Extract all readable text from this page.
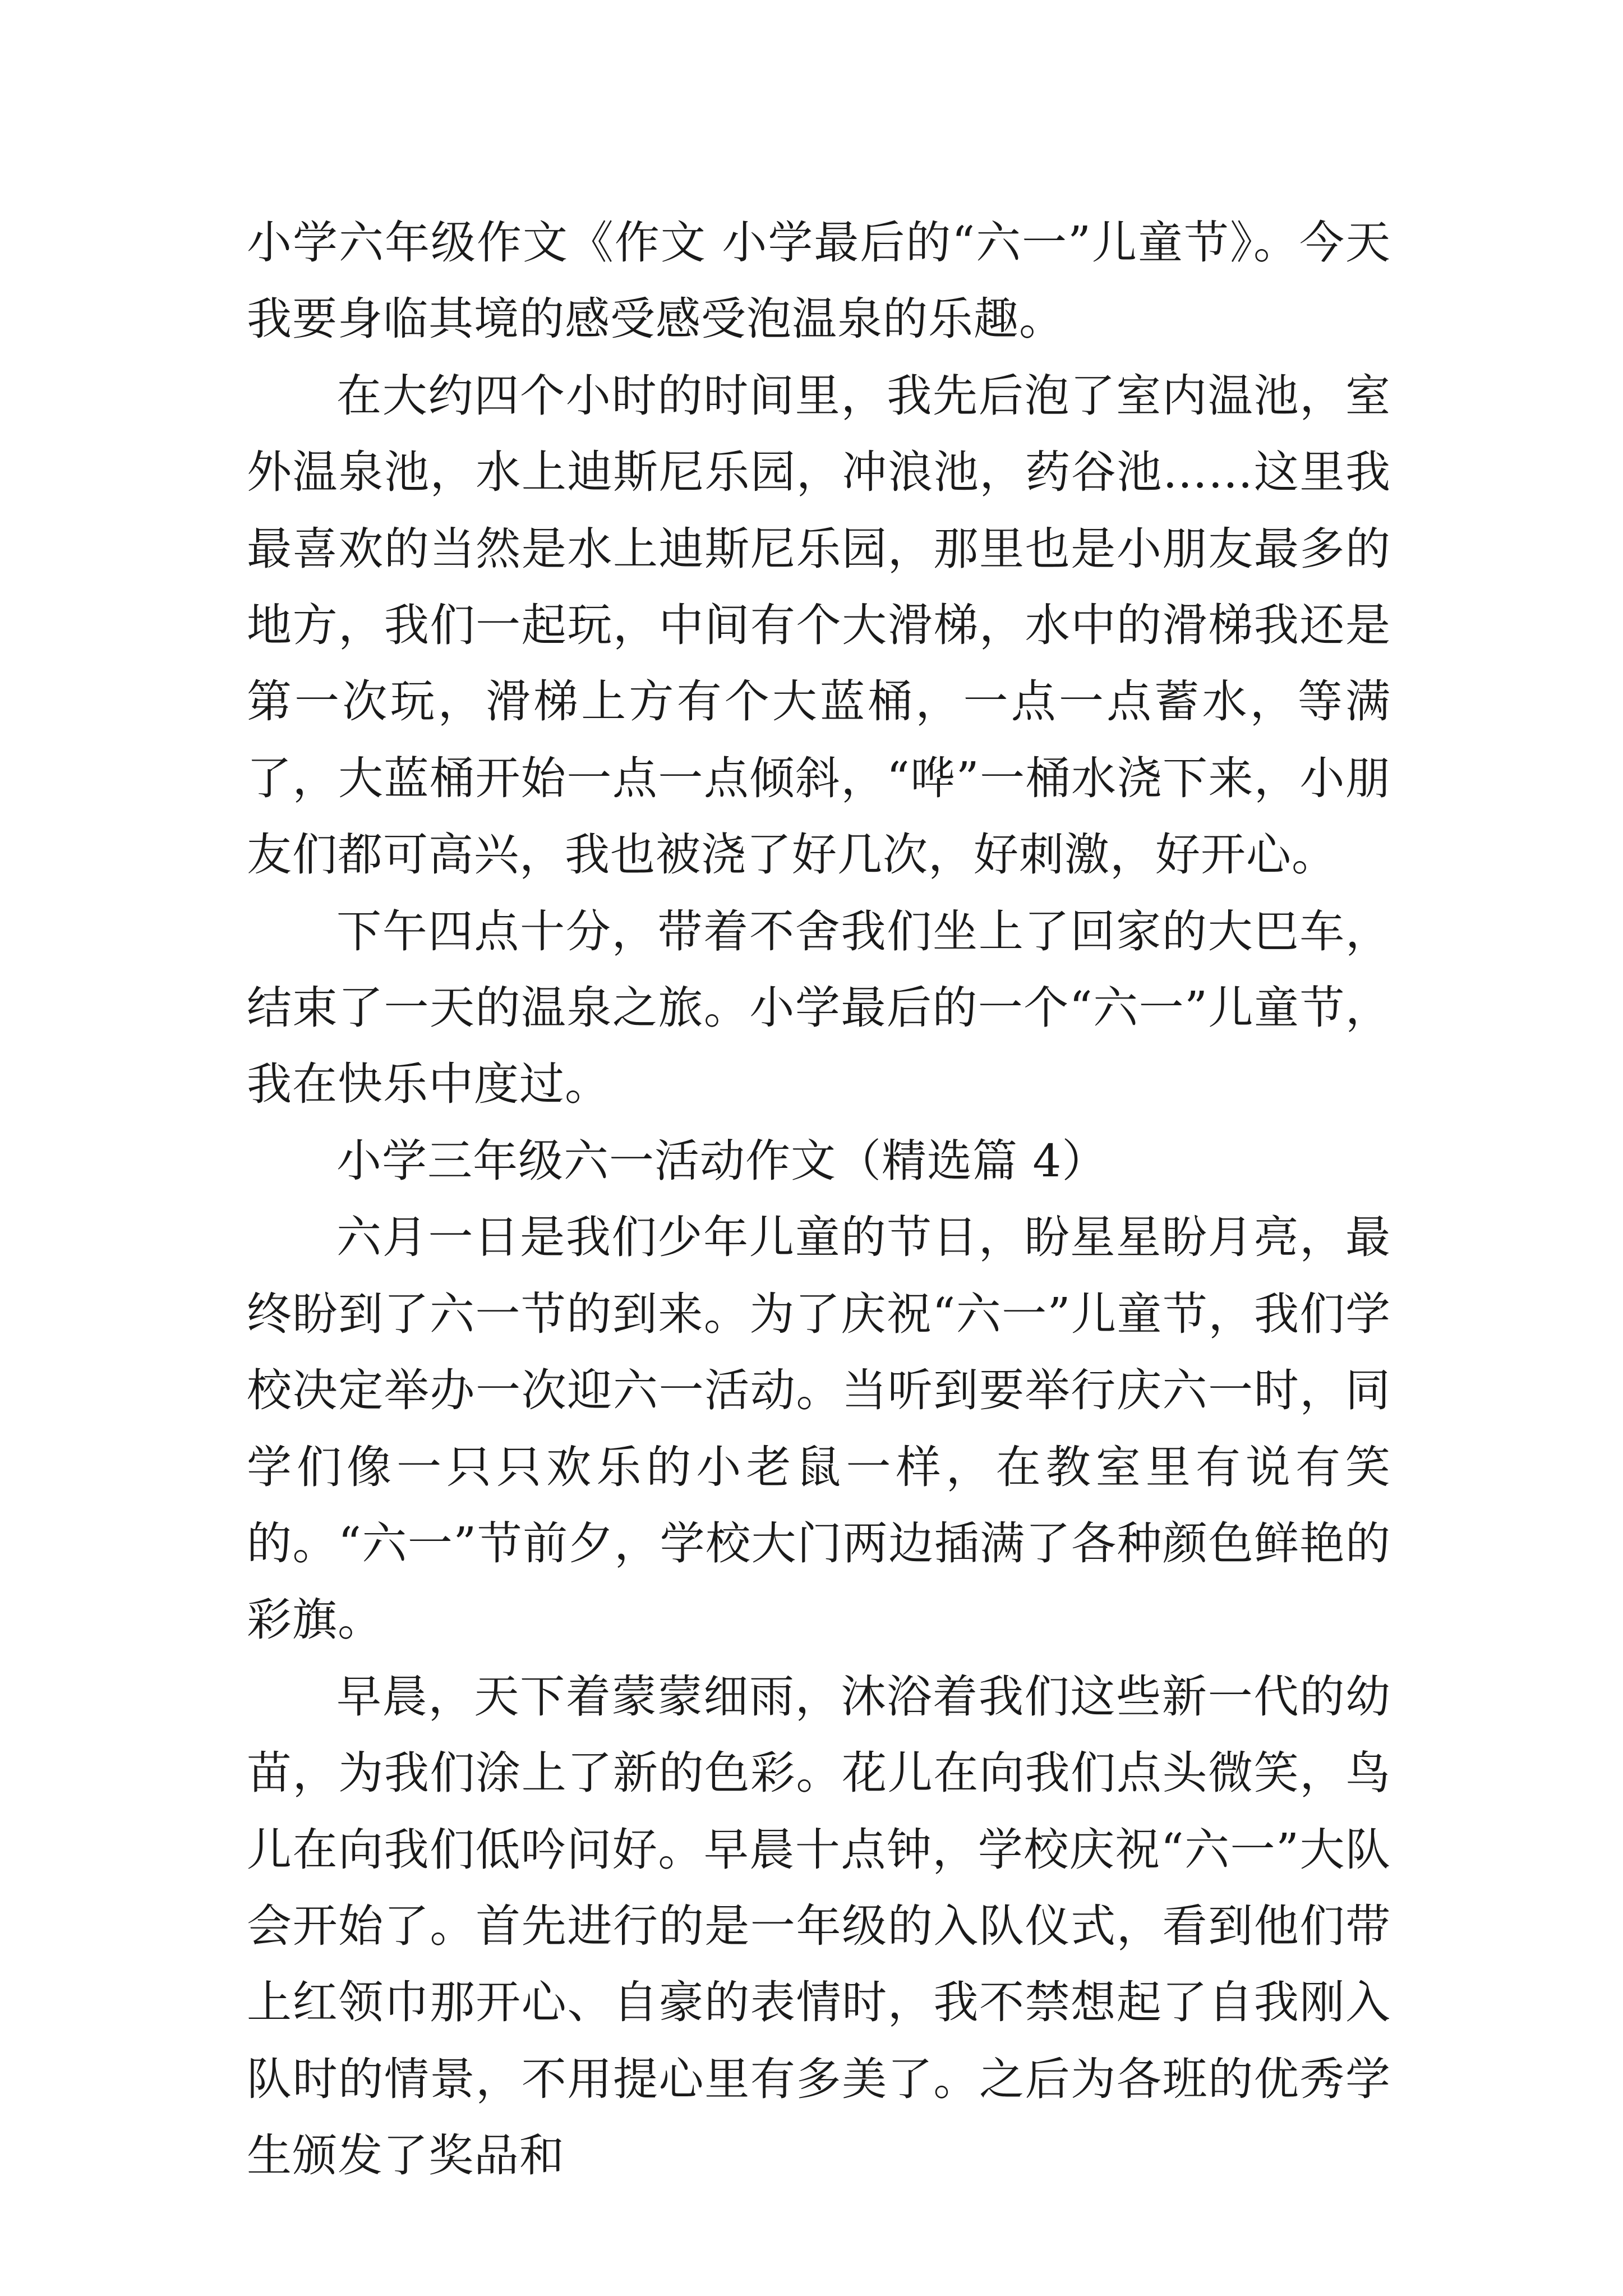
小学六年级作文《作文 小学最后的“六一”儿童节》。今天我要身临其境的感受感受泡温泉的乐趣。

在大约四个小时的时间里，我先后泡了室内温池，室外温泉池，水上迪斯尼乐园，冲浪池，药谷池……这里我最喜欢的当然是水上迪斯尼乐园，那里也是小朋友最多的地方，我们一起玩，中间有个大滑梯，水中的滑梯我还是第一次玩，滑梯上方有个大蓝桶，一点一点蓄水，等满了，大蓝桶开始一点一点倾斜，“哗”一桶水浇下来，小朋友们都可高兴，我也被浇了好几次，好刺激，好开心。

下午四点十分，带着不舍我们坐上了回家的大巴车，结束了一天的温泉之旅。小学最后的一个“六一”儿童节，我在快乐中度过。

小学三年级六一活动作文（精选篇 4）

六月一日是我们少年儿童的节日，盼星星盼月亮，最终盼到了六一节的到来。为了庆祝“六一”儿童节，我们学校决定举办一次迎六一活动。当听到要举行庆六一时，同学们像一只只欢乐的小老鼠一样，在教室里有说有笑的。“六一”节前夕，学校大门两边插满了各种颜色鲜艳的彩旗。

早晨，天下着蒙蒙细雨，沐浴着我们这些新一代的幼苗，为我们涂上了新的色彩。花儿在向我们点头微笑，鸟儿在向我们低吟问好。早晨十点钟，学校庆祝“六一”大队会开始了。首先进行的是一年级的入队仪式，看到他们带上红领巾那开心、自豪的表情时，我不禁想起了自我刚入队时的情景，不用提心里有多美了。之后为各班的优秀学生颁发了奖品和
